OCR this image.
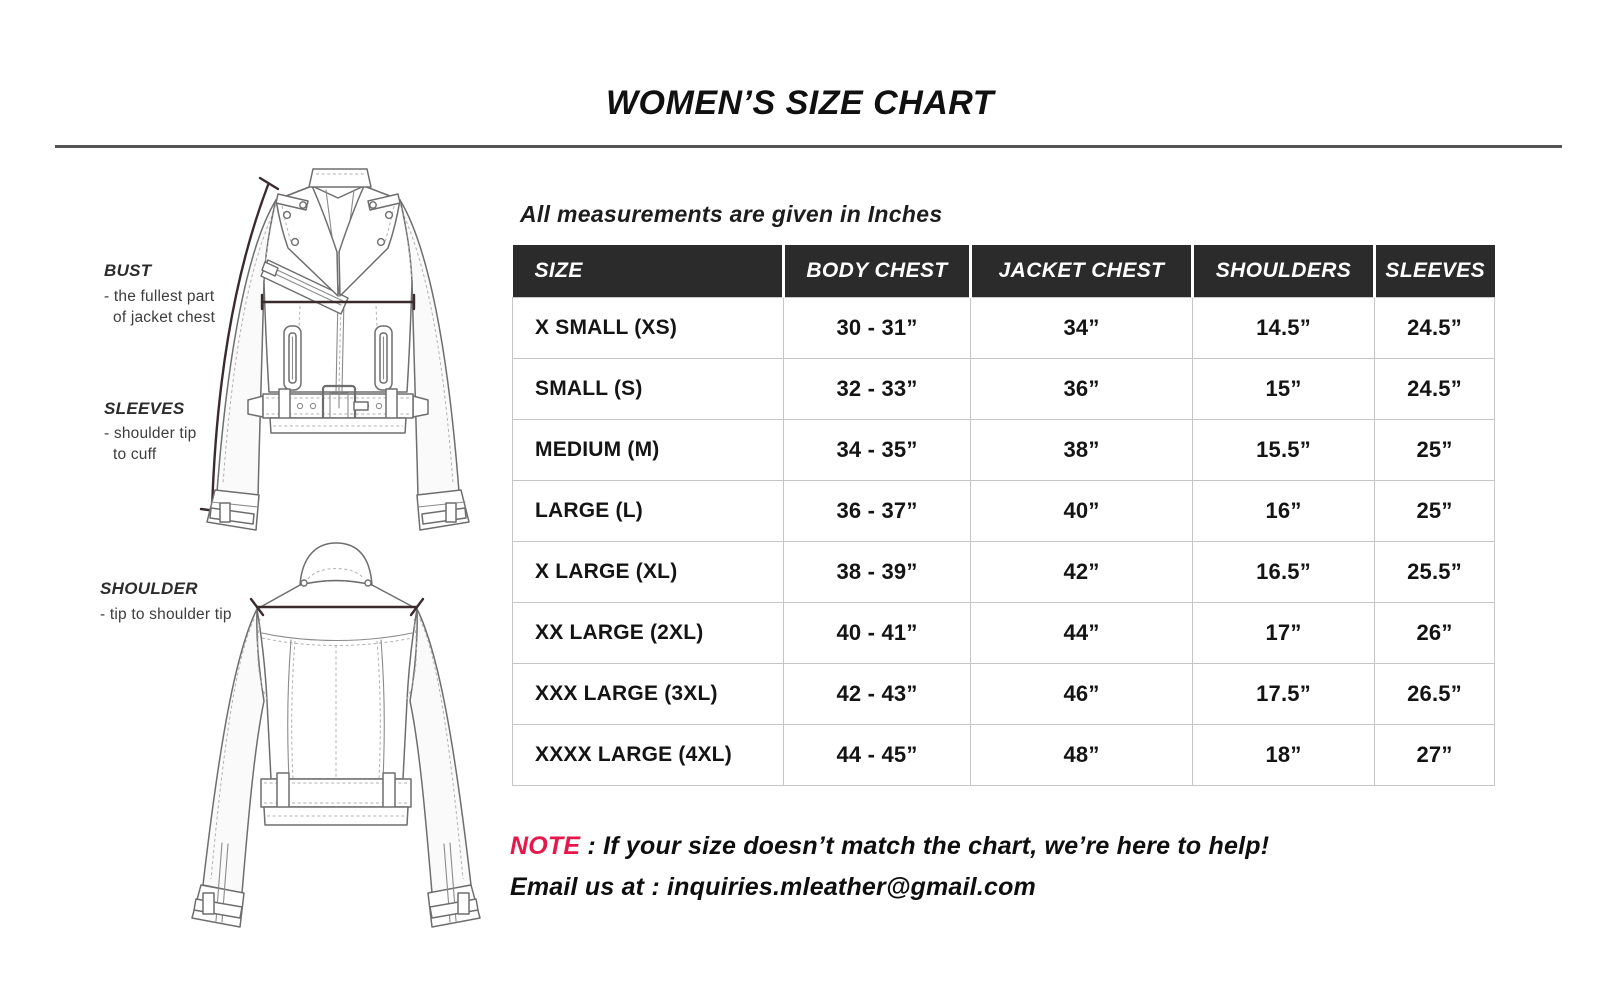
WOMEN’S SIZE CHART
BUST
- the fullest part
of jacket chest
SLEEVES
- shoulder tip
to cuff
SHOULDER
- tip to shoulder tip
All measurements are given in Inches
SIZE	BODY CHEST	JACKET CHEST	SHOULDERS	SLEEVES
X SMALL (XS)	30 - 31”	34”	14.5”	24.5”
SMALL (S)	32 - 33”	36”	15”	24.5”
MEDIUM (M)	34 - 35”	38”	15.5”	25”
LARGE (L)	36 - 37”	40”	16”	25”
X LARGE (XL)	38 - 39”	42”	16.5”	25.5”
XX LARGE (2XL)	40 - 41”	44”	17”	26”
XXX LARGE (3XL)	42 - 43”	46”	17.5”	26.5”
XXXX LARGE (4XL)	44 - 45”	48”	18”	27”
NOTE : If your size doesn’t match the chart, we’re here to help!
Email us at : inquiries.mleather@gmail.com
